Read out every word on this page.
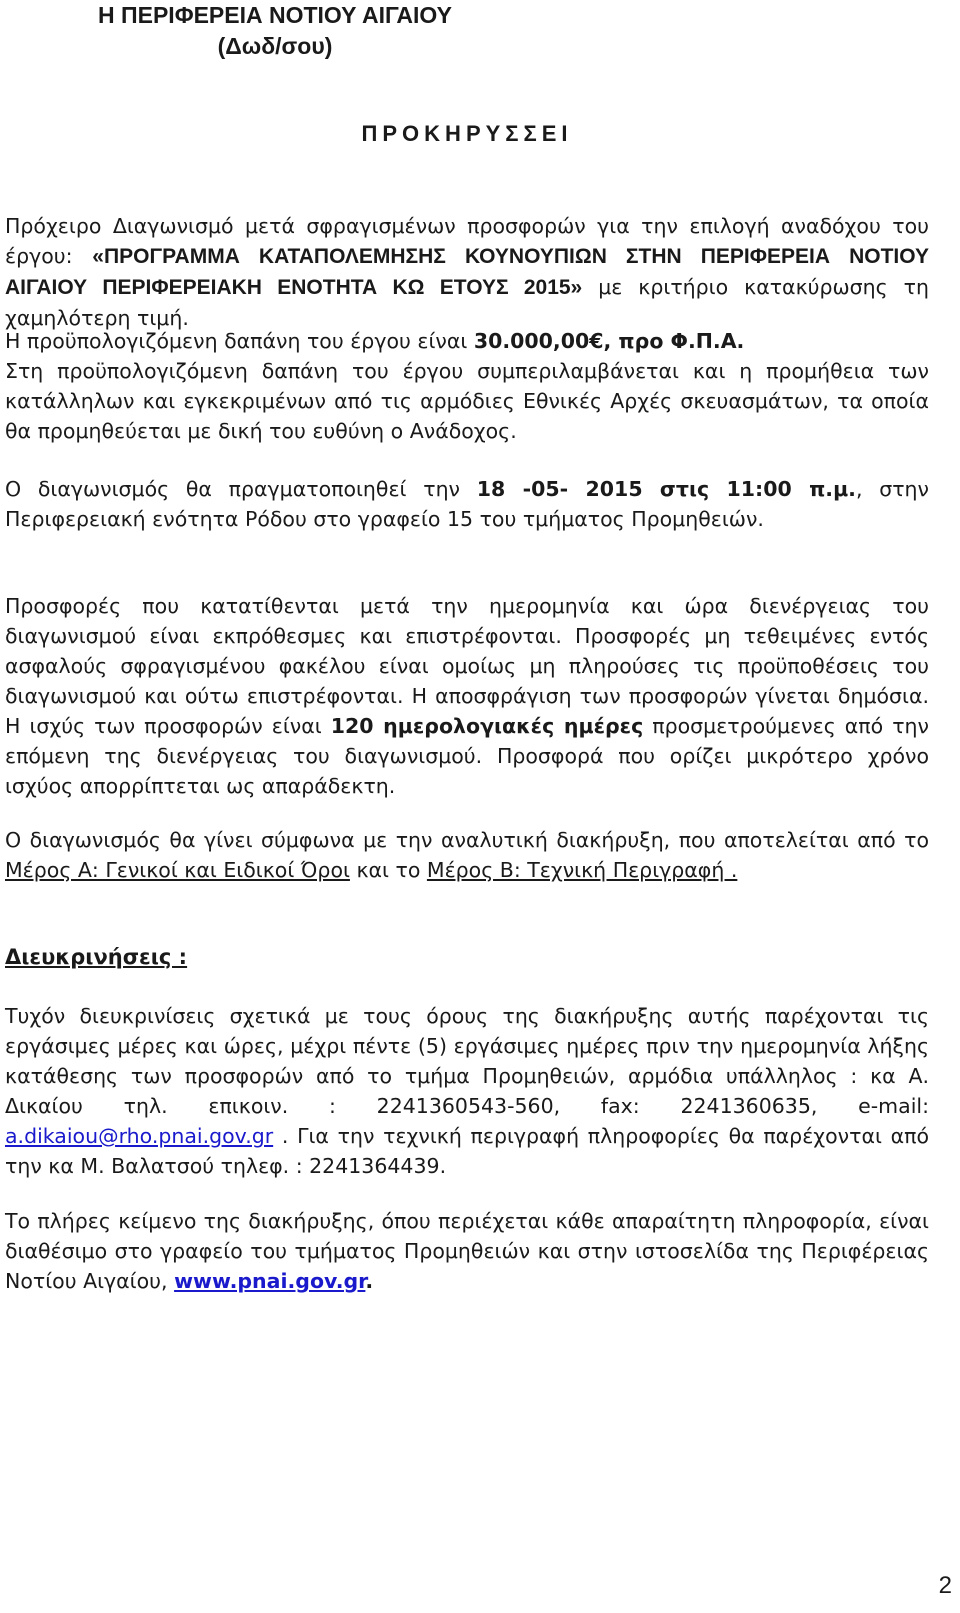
Η ΠΕΡΙΦΕΡΕΙΑ ΝΟΤΙΟΥ ΑΙΓΑΙΟΥ
(Δωδ/σου)
ΠΡΟΚΗΡΥΣΣΕΙ
Πρόχειρο Διαγωνισμό μετά σφραγισμένων προσφορών για την επιλογή αναδόχου του έργου: «ΠΡΟΓΡΑΜΜΑ ΚΑΤΑΠΟΛΕΜΗΣΗΣ ΚΟΥΝΟΥΠΙΩΝ ΣΤΗΝ ΠΕΡΙΦΕΡΕΙΑ ΝΟΤΙΟΥ ΑΙΓΑΙΟΥ ΠΕΡΙΦΕΡΕΙΑΚΗ ΕΝΟΤΗΤΑ ΚΩ ΕΤΟΥΣ 2015» με κριτήριο κατακύρωσης τη χαμηλότερη τιμή.
Η προϋπολογιζόμενη δαπάνη του έργου είναι 30.000,00€, προ Φ.Π.Α.
Στη προϋπολογιζόμενη δαπάνη του έργου συμπεριλαμβάνεται και η προμήθεια των κατάλληλων και εγκεκριμένων από τις αρμόδιες Εθνικές Αρχές σκευασμάτων, τα οποία θα προμηθεύεται με δική του ευθύνη ο Ανάδοχος.
Ο διαγωνισμός θα πραγματοποιηθεί την 18 -05- 2015 στις 11:00 π.μ., στην Περιφερειακή ενότητα Ρόδου στο γραφείο 15 του τμήματος Προμηθειών.
Προσφορές που κατατίθενται μετά την ημερομηνία και ώρα διενέργειας του διαγωνισμού είναι εκπρόθεσμες και επιστρέφονται. Προσφορές μη τεθειμένες εντός ασφαλούς σφραγισμένου φακέλου είναι ομοίως μη πληρούσες τις προϋποθέσεις του διαγωνισμού και ούτω επιστρέφονται. Η αποσφράγιση των προσφορών γίνεται δημόσια. Η ισχύς των προσφορών είναι 120 ημερολογιακές ημέρες προσμετρούμενες από την επόμενη της διενέργειας του διαγωνισμού. Προσφορά που ορίζει μικρότερο χρόνο ισχύος απορρίπτεται ως απαράδεκτη.
Ο διαγωνισμός θα γίνει σύμφωνα με την αναλυτική διακήρυξη, που αποτελείται από το Μέρος Α: Γενικοί και Ειδικοί Όροι και το Μέρος Β: Τεχνική Περιγραφή .
Διευκρινήσεις :
Τυχόν διευκρινίσεις σχετικά με τους όρους της διακήρυξης αυτής παρέχονται τις εργάσιμες μέρες και ώρες, μέχρι πέντε (5) εργάσιμες ημέρες πριν την ημερομηνία λήξης κατάθεσης των προσφορών από το τμήμα Προμηθειών, αρμόδια υπάλληλος : κα Α. Δικαίου τηλ. επικοιν. : 2241360543-560, fax: 2241360635, e-mail: a.dikaiou@rho.pnai.gov.gr . Για την τεχνική περιγραφή πληροφορίες θα παρέχονται από την κα Μ. Βαλατσού τηλεφ. : 2241364439.
Το πλήρες κείμενο της διακήρυξης, όπου περιέχεται κάθε απαραίτητη πληροφορία, είναι διαθέσιμο στο γραφείο του τμήματος Προμηθειών και στην ιστοσελίδα της Περιφέρειας Νοτίου Αιγαίου, www.pnai.gov.gr.
2
